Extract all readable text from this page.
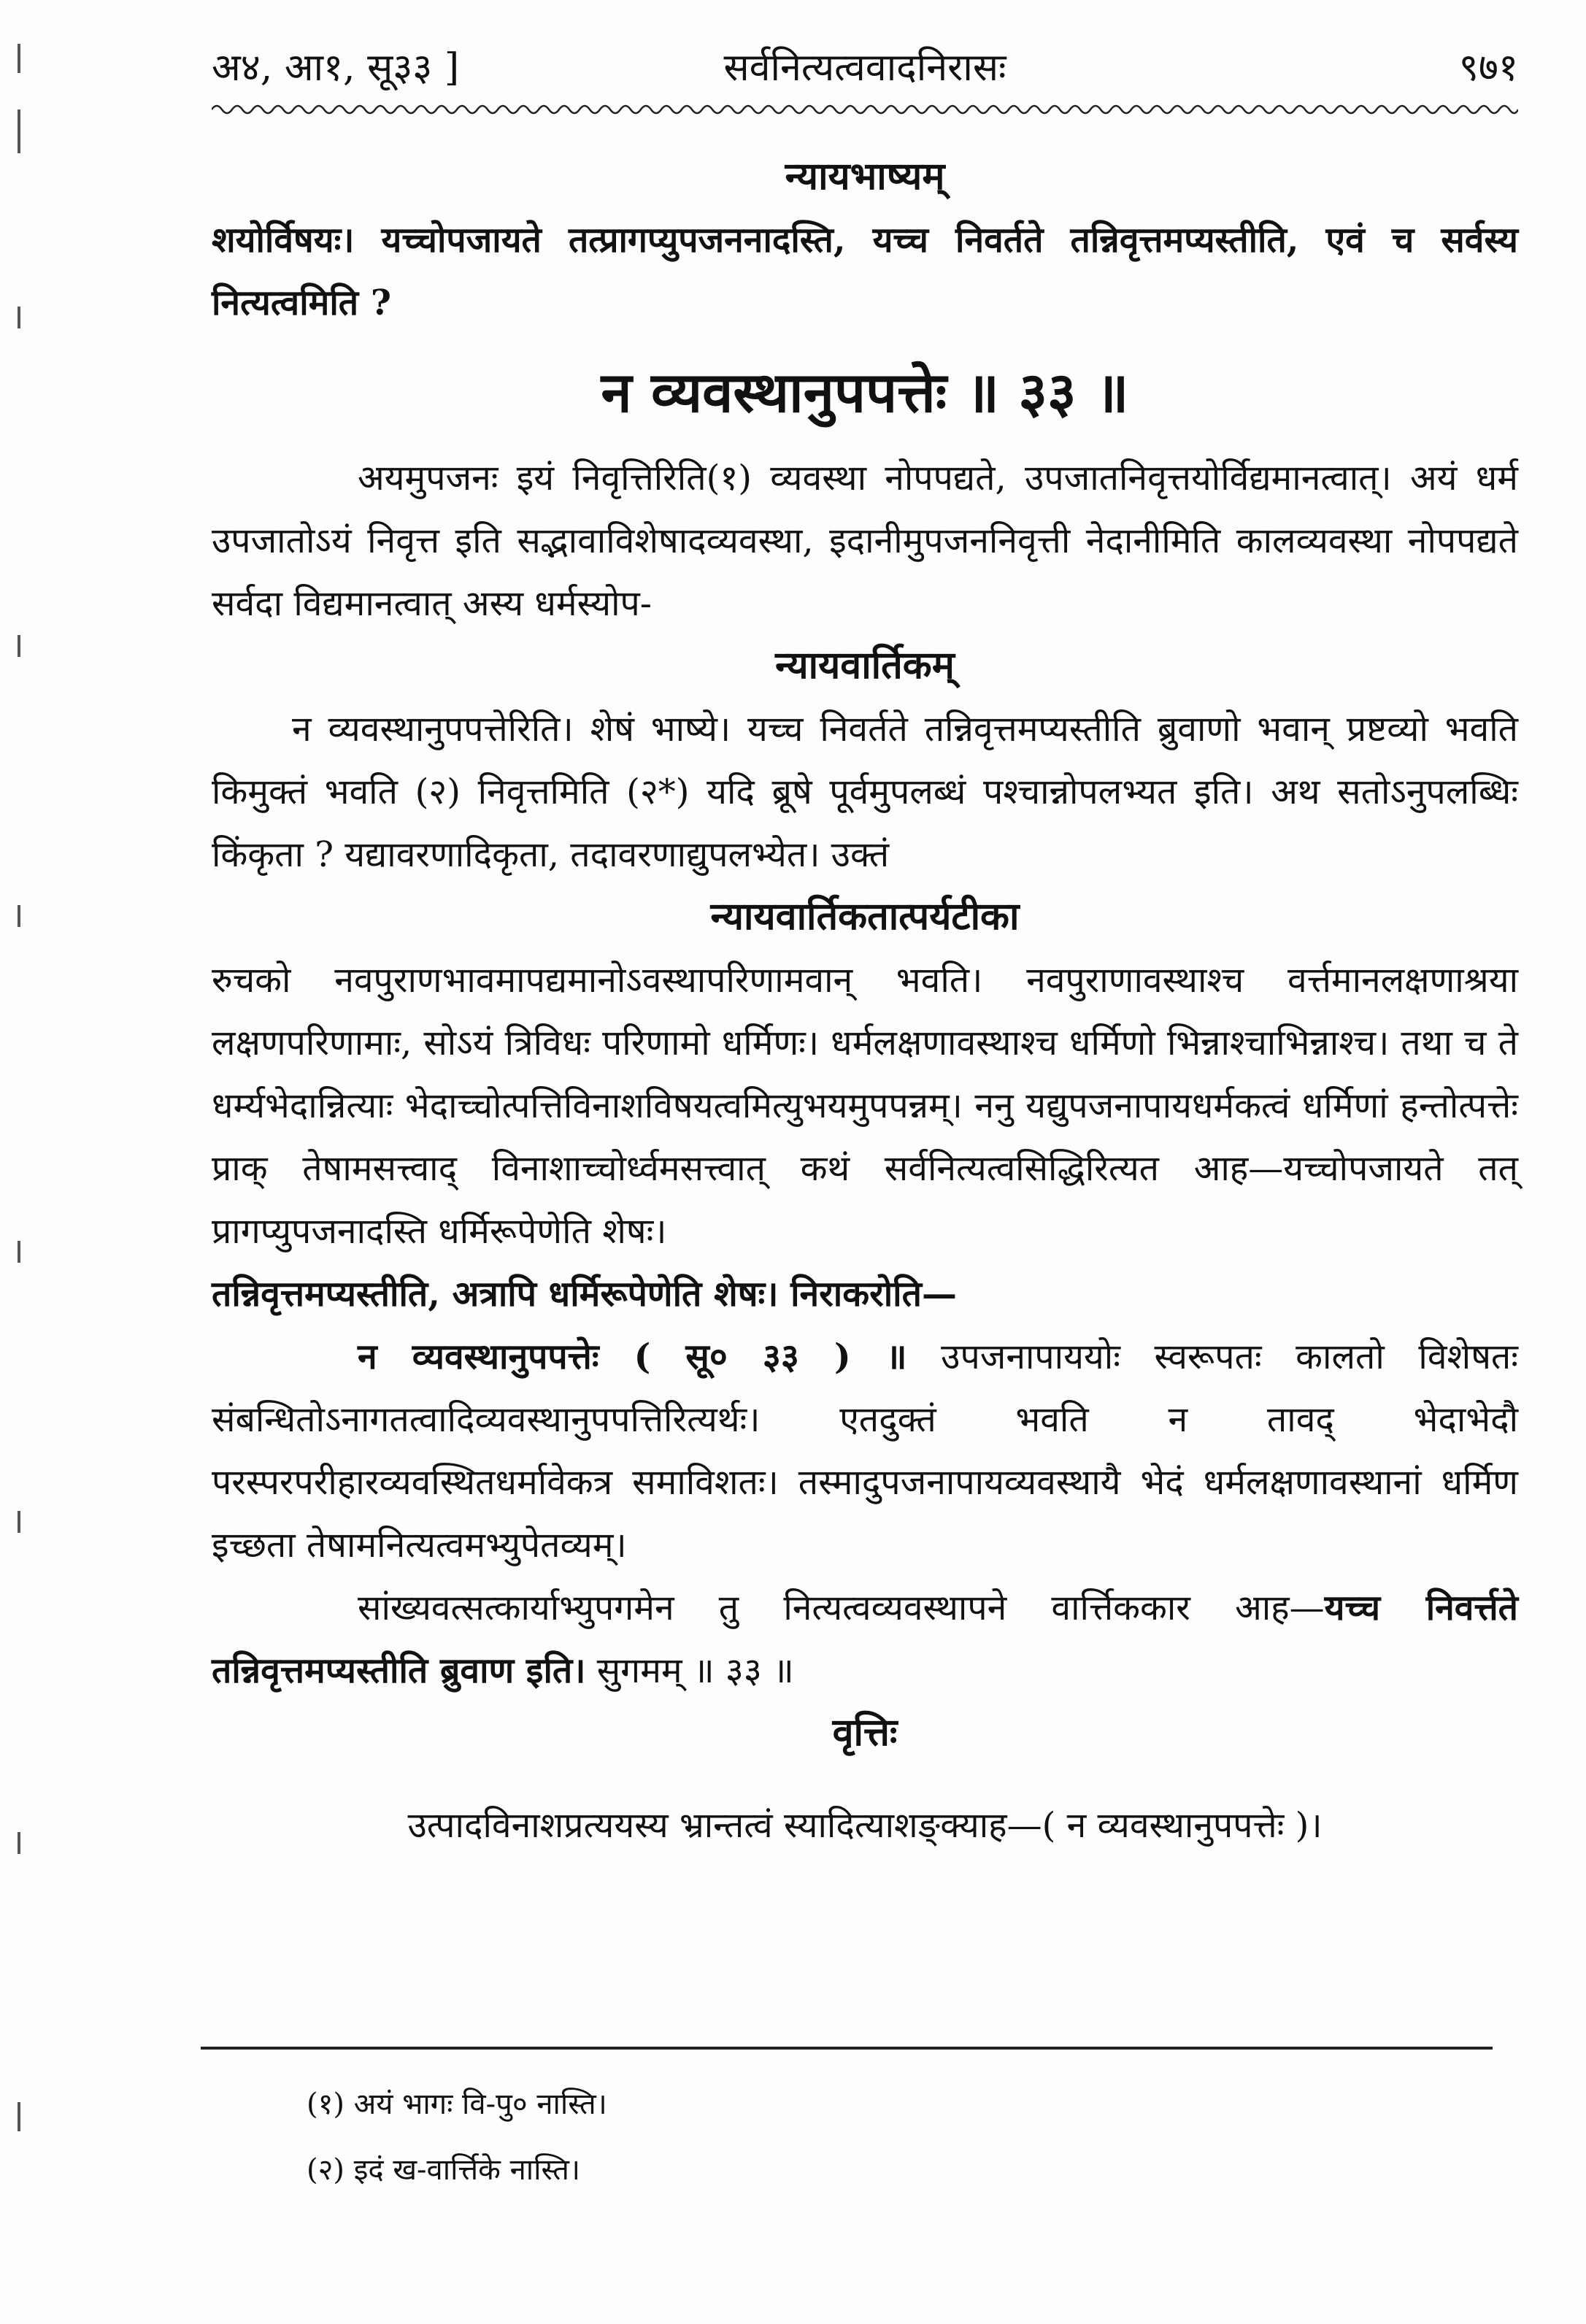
अ४, आ१, सू३३ ]	सर्वनित्यत्ववादनिरासः	९७१
न्यायभाष्यम्

शयोर्विषयः। यच्चोपजायते तत्प्रागप्युपजननादस्ति, यच्च निवर्तते तन्निवृत्तमप्यस्तीति, एवं च सर्वस्य नित्यत्वमिति ?

न व्यवस्थानुपपत्तेः ॥ ३३ ॥

अयमुपजनः इयं निवृत्तिरिति(१) व्यवस्था नोपपद्यते, उपजातनिवृत्तयोर्विद्यमानत्वात्। अयं धर्म उपजातोऽयं निवृत्त इति सद्भावाविशेषादव्यवस्था, इदानीमुपजननिवृत्ती नेदानीमिति कालव्यवस्था नोपपद्यते सर्वदा विद्यमानत्वात् अस्य धर्मस्योप-

न्यायवार्तिकम्

न व्यवस्थानुपपत्तेरिति। शेषं भाष्ये। यच्च निवर्तते तन्निवृत्तमप्यस्तीति ब्रुवाणो भवान् प्रष्टव्यो भवति किमुक्तं भवति (२) निवृत्तमिति (२*) यदि ब्रूषे पूर्वमुपलब्धं पश्चान्नोपलभ्यत इति। अथ सतोऽनुपलब्धिः किंकृता ? यद्यावरणादिकृता, तदावरणाद्युपलभ्येत। उक्तं

न्यायवार्तिकतात्पर्यटीका

रुचको नवपुराणभावमापद्यमानोऽवस्थापरिणामवान् भवति। नवपुराणावस्थाश्च वर्त्तमानलक्षणाश्रया लक्षणपरिणामाः, सोऽयं त्रिविधः परिणामो धर्मिणः। धर्मलक्षणावस्थाश्च धर्मिणो भिन्नाश्चाभिन्नाश्च। तथा च ते धर्म्यभेदान्नित्याः भेदाच्चोत्पत्तिविनाशविषयत्वमित्युभयमुपपन्नम्। ननु यद्युपजनापायधर्मकत्वं धर्मिणां हन्तोत्पत्तेः प्राक् तेषामसत्त्वाद् विनाशाच्चोर्ध्वमसत्त्वात् कथं सर्वनित्यत्वसिद्धिरित्यत आह—यच्चोपजायते तत् प्रागप्युपजनादस्ति धर्मिरूपेणेति शेषः।

तन्निवृत्तमप्यस्तीति, अत्रापि धर्मिरूपेणेति शेषः। निराकरोति—

न व्यवस्थानुपपत्तेः ( सू० ३३ ) ॥ उपजनापाययोः स्वरूपतः कालतो विशेषतः संबन्धितोऽनागतत्वादिव्यवस्थानुपपत्तिरित्यर्थः। एतदुक्तं भवति न तावद् भेदाभेदौ परस्परपरीहारव्यवस्थितधर्मावेकत्र समाविशतः। तस्मादुपजनापायव्यवस्थायै भेदं धर्मलक्षणावस्थानां धर्मिण इच्छता तेषामनित्यत्वमभ्युपेतव्यम्।

सांख्यवत्सत्कार्याभ्युपगमेन तु नित्यत्वव्यवस्थापने वार्त्तिककार आह—यच्च निवर्त्तते तन्निवृत्तमप्यस्तीति ब्रुवाण इति। सुगमम् ॥ ३३ ॥

वृत्तिः

उत्पादविनाशप्रत्ययस्य भ्रान्तत्वं स्यादित्याशङ्क्याह—( न व्यवस्थानुपपत्तेः )।

(१) अयं भागः वि-पु० नास्ति।
(२) इदं ख-वार्त्तिके नास्ति।
